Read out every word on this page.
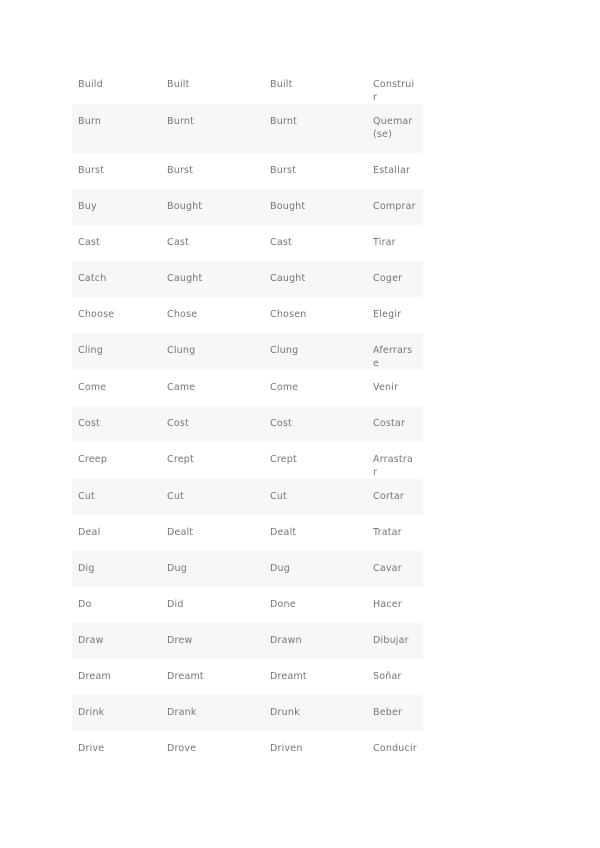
Build	Built	Built	Construir
Burn	Burnt	Burnt	Quemar(se)
Burst	Burst	Burst	Estallar
Buy	Bought	Bought	Comprar
Cast	Cast	Cast	Tirar
Catch	Caught	Caught	Coger
Choose	Chose	Chosen	Elegir
Cling	Clung	Clung	Aferrarse
Come	Came	Come	Venir
Cost	Cost	Cost	Costar
Creep	Crept	Crept	Arrastrar
Cut	Cut	Cut	Cortar
Deal	Dealt	Dealt	Tratar
Dig	Dug	Dug	Cavar
Do	Did	Done	Hacer
Draw	Drew	Drawn	Dibujar
Dream	Dreamt	Dreamt	Soñar
Drink	Drank	Drunk	Beber
Drive	Drove	Driven	Conducir
